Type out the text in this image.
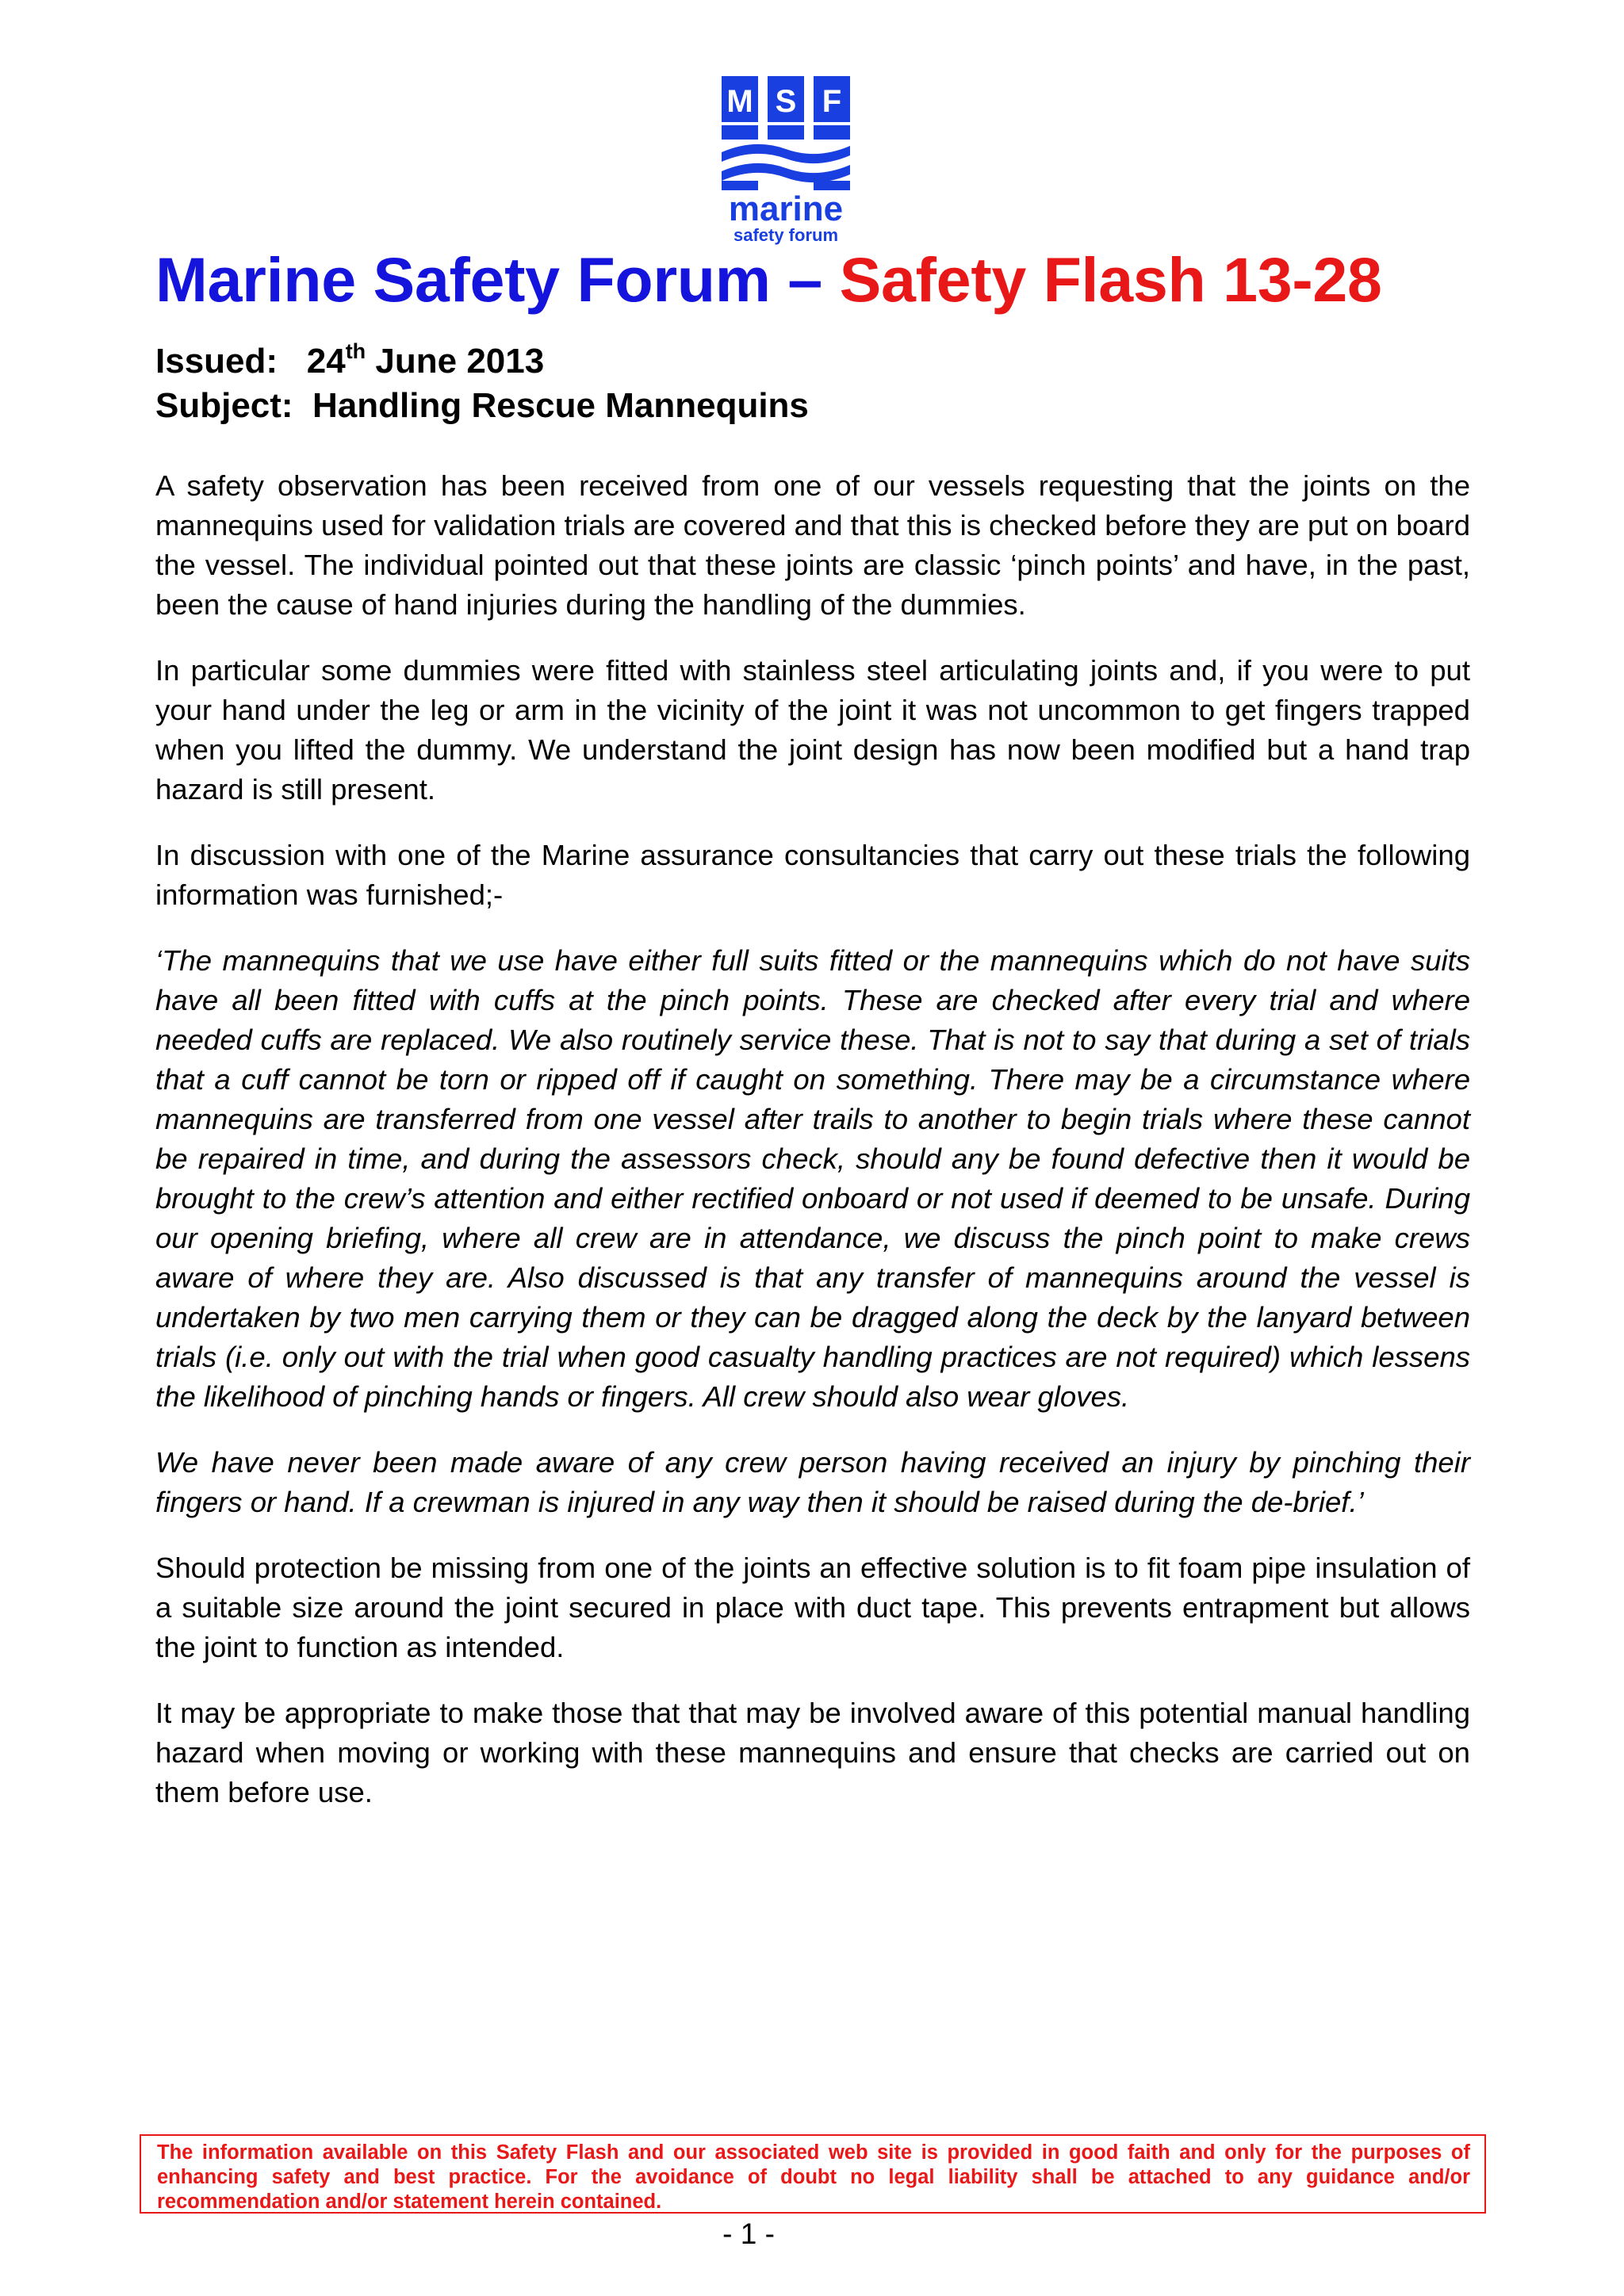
M S F
marine
safety forum
Marine Safety Forum – Safety Flash 13-28
Issued: 24th June 2013
Subject: Handling Rescue Mannequins

A safety observation has been received from one of our vessels requesting that the joints on the mannequins used for validation trials are covered and that this is checked before they are put on board the vessel. The individual pointed out that these joints are classic ‘pinch points’ and have, in the past, been the cause of hand injuries during the handling of the dummies.

In particular some dummies were fitted with stainless steel articulating joints and, if you were to put your hand under the leg or arm in the vicinity of the joint it was not uncommon to get fingers trapped when you lifted the dummy. We understand the joint design has now been modified but a hand trap hazard is still present.

In discussion with one of the Marine assurance consultancies that carry out these trials the following information was furnished;-

‘The mannequins that we use have either full suits fitted or the mannequins which do not have suits have all been fitted with cuffs at the pinch points. These are checked after every trial and where needed cuffs are replaced. We also routinely service these. That is not to say that during a set of trials that a cuff cannot be torn or ripped off if caught on something. There may be a circumstance where mannequins are transferred from one vessel after trails to another to begin trials where these cannot be repaired in time, and during the assessors check, should any be found defective then it would be brought to the crew’s attention and either rectified onboard or not used if deemed to be unsafe. During our opening briefing, where all crew are in attendance, we discuss the pinch point to make crews aware of where they are. Also discussed is that any transfer of mannequins around the vessel is undertaken by two men carrying them or they can be dragged along the deck by the lanyard between trials (i.e. only out with the trial when good casualty handling practices are not required) which lessens the likelihood of pinching hands or fingers. All crew should also wear gloves.

We have never been made aware of any crew person having received an injury by pinching their fingers or hand. If a crewman is injured in any way then it should be raised during the de-brief.’

Should protection be missing from one of the joints an effective solution is to fit foam pipe insulation of a suitable size around the joint secured in place with duct tape. This prevents entrapment but allows the joint to function as intended.

It may be appropriate to make those that that may be involved aware of this potential manual handling hazard when moving or working with these mannequins and ensure that checks are carried out on them before use.

The information available on this Safety Flash and our associated web site is provided in good faith and only for the purposes of enhancing safety and best practice. For the avoidance of doubt no legal liability shall be attached to any guidance and/or recommendation and/or statement herein contained.
- 1 -
